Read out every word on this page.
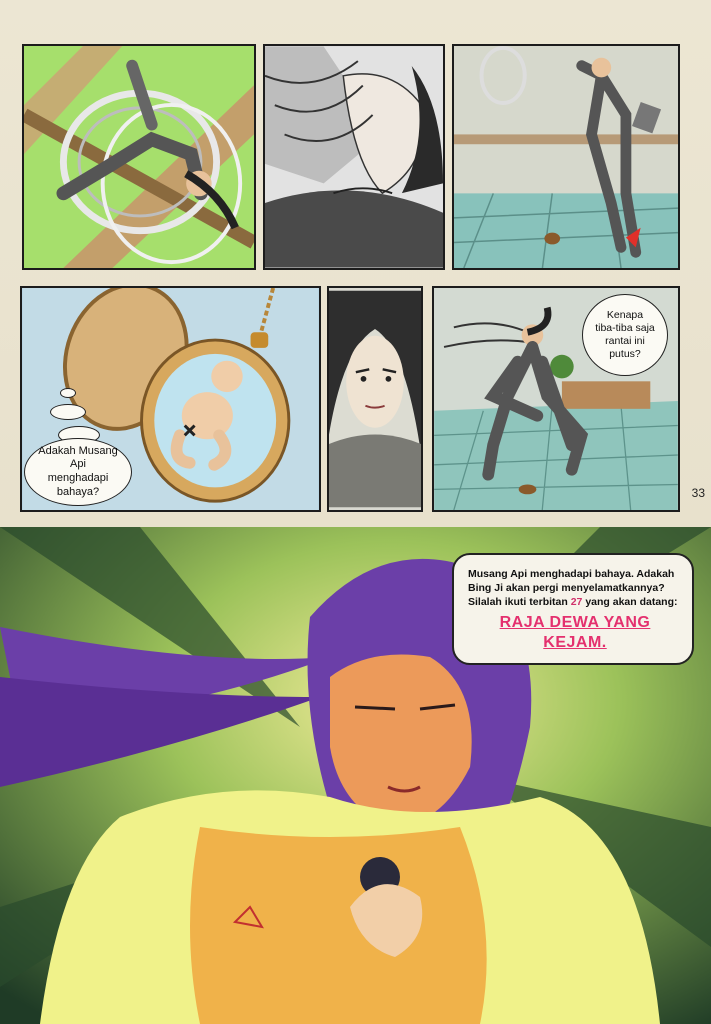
Adakah Musang Api
menghadapi
bahaya?
Kenapa
tiba-tiba saja
rantai ini
putus?
33
Musang Api menghadapi bahaya. Adakah
Bing Ji akan pergi menyelamatkannya?
Silalah ikuti terbitan 27 yang akan datang:
RAJA DEWA YANG
KEJAM.
